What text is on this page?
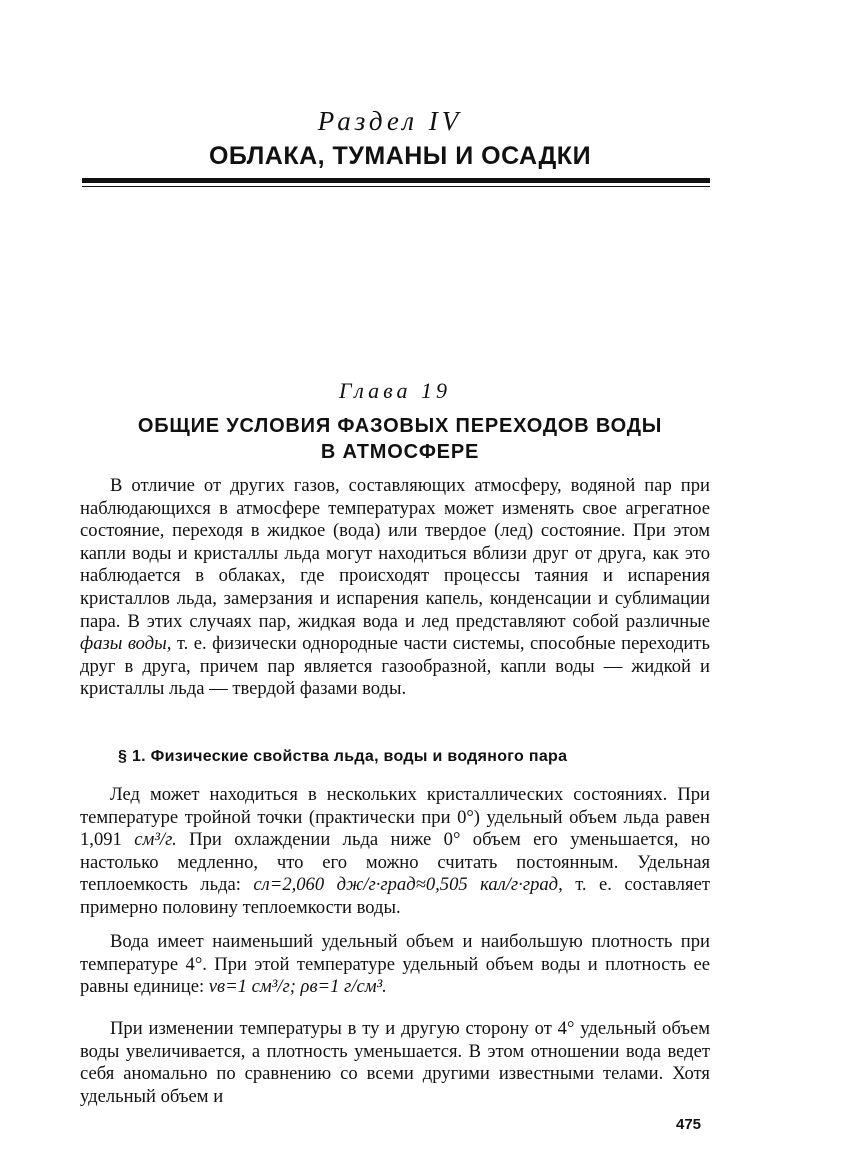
Раздел IV
ОБЛАКА, ТУМАНЫ И ОСАДКИ
Глава 19
ОБЩИЕ УСЛОВИЯ ФАЗОВЫХ ПЕРЕХОДОВ ВОДЫ
В АТМОСФЕРЕ

В отличие от других газов, составляющих атмосферу, водяной пар при наблюдающихся в атмосфере температурах может изменять свое агрегатное состояние, переходя в жидкое (вода) или твердое (лед) состояние. При этом капли воды и кристаллы льда могут находиться вблизи друг от друга, как это наблюдается в облаках, где происходят процессы таяния и испарения кристаллов льда, замерзания и испарения капель, конденсации и сублимации пара. В этих случаях пар, жидкая вода и лед представляют собой различные фазы воды, т. е. физически однородные части системы, способные переходить друг в друга, причем пар является газообразной, капли воды — жидкой и кристаллы льда — твердой фазами воды.

§ 1. Физические свойства льда, воды и водяного пара

Лед может находиться в нескольких кристаллических состояниях. При температуре тройной точки (практически при 0°) удельный объем льда равен 1,091 см³/г. При охлаждении льда ниже 0° объем его уменьшается, но настолько медленно, что его можно считать постоянным. Удельная теплоемкость льда: cл=2,060 дж/г·град≈0,505 кал/г·град, т. е. составляет примерно половину теплоемкости воды.

Вода имеет наименьший удельный объем и наибольшую плотность при температуре 4°. При этой температуре удельный объем воды и плотность ее равны единице: vв=1 см³/г; ρв=1 г/см³.

При изменении температуры в ту и другую сторону от 4° удельный объем воды увеличивается, а плотность уменьшается. В этом отношении вода ведет себя аномально по сравнению со всеми другими известными телами. Хотя удельный объем и

475
